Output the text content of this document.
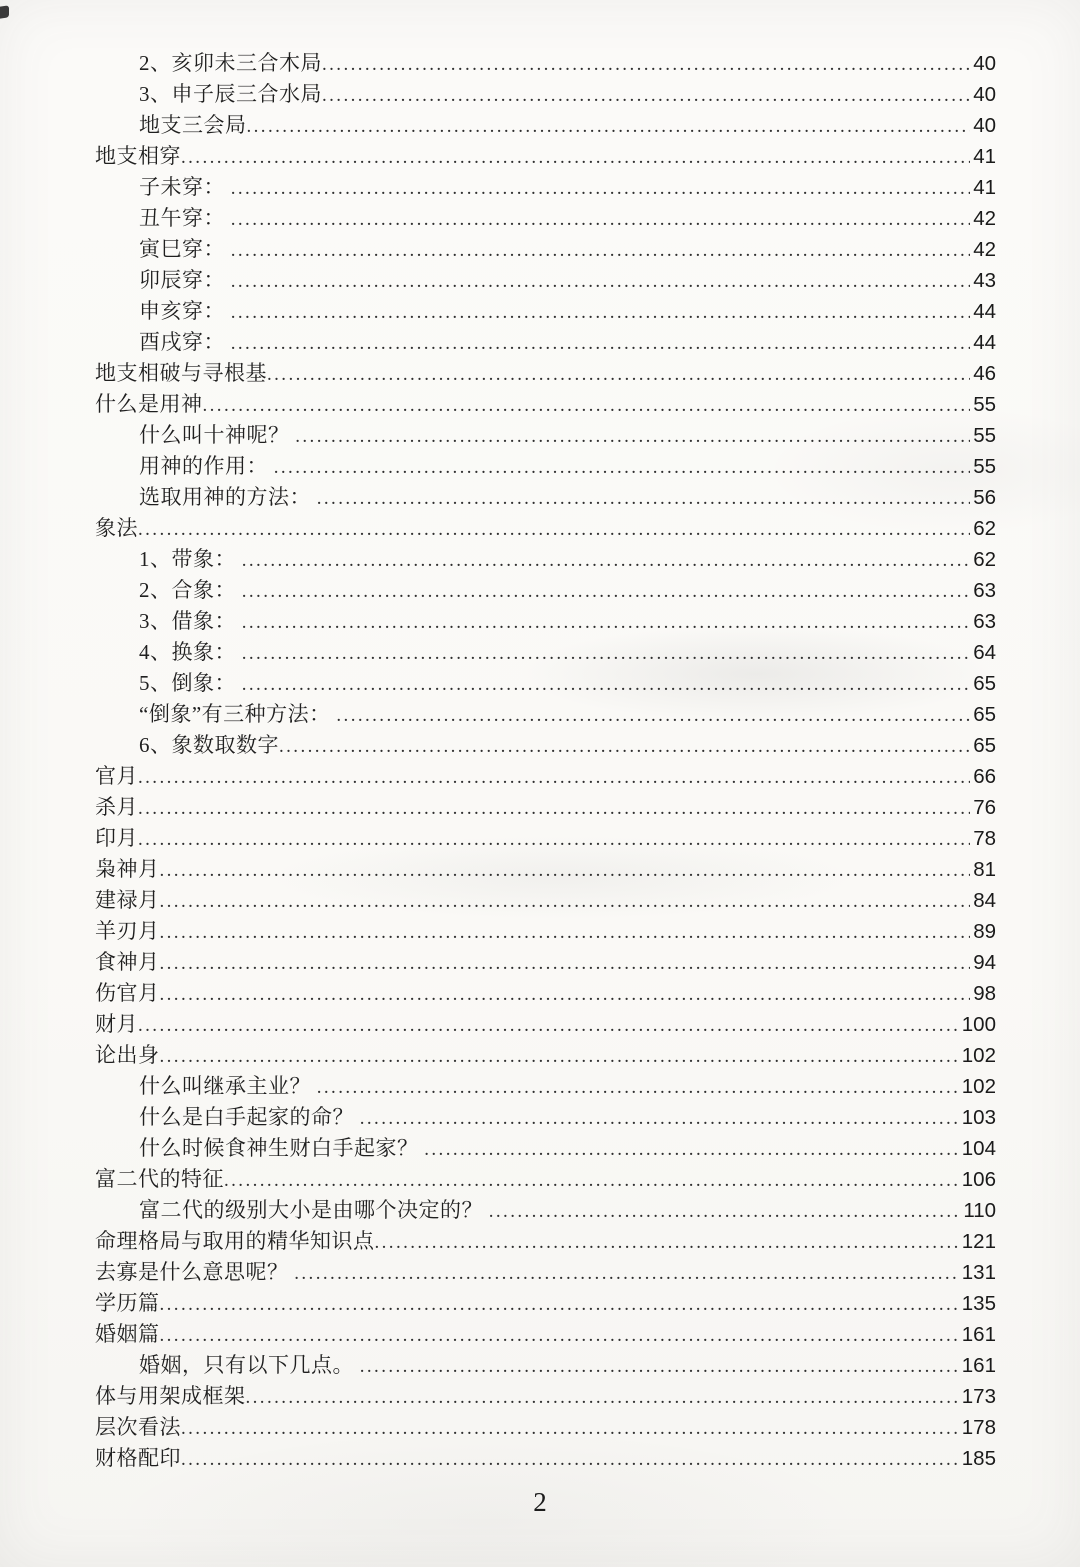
2、亥卯未三合木局 .....	40
3、申子辰三合水局 .....	40
地支三会局 .....	40
地支相穿 .....	41
子未穿： .....	41
丑午穿： .....	42
寅巳穿： .....	42
卯辰穿： .....	43
申亥穿： .....	44
酉戌穿： .....	44
地支相破与寻根基 .....	46
什么是用神 .....	55
什么叫十神呢？ .....	55
用神的作用： .....	55
选取用神的方法： .....	56
象法 .....	62
1、带象： .....	62
2、合象： .....	63
3、借象： .....	63
4、换象： .....	64
5、倒象： .....	65
“倒象”有三种方法： .....	65
6、象数取数字 .....	65
官月 .....	66
杀月 .....	76
印月 .....	78
枭神月 .....	81
建禄月 .....	84
羊刃月 .....	89
食神月 .....	94
伤官月 .....	98
财月 .....	100
论出身 .....	102
什么叫继承主业？ .....	102
什么是白手起家的命？ .....	103
什么时候食神生财白手起家？ .....	104
富二代的特征 .....	106
富二代的级别大小是由哪个决定的？ .....	110
命理格局与取用的精华知识点 .....	121
去寡是什么意思呢？ .....	131
学历篇 .....	135
婚姻篇 .....	161
婚姻，只有以下几点。 .....	161
体与用架成框架 .....	173
层次看法 .....	178
财格配印 .....	185
2
